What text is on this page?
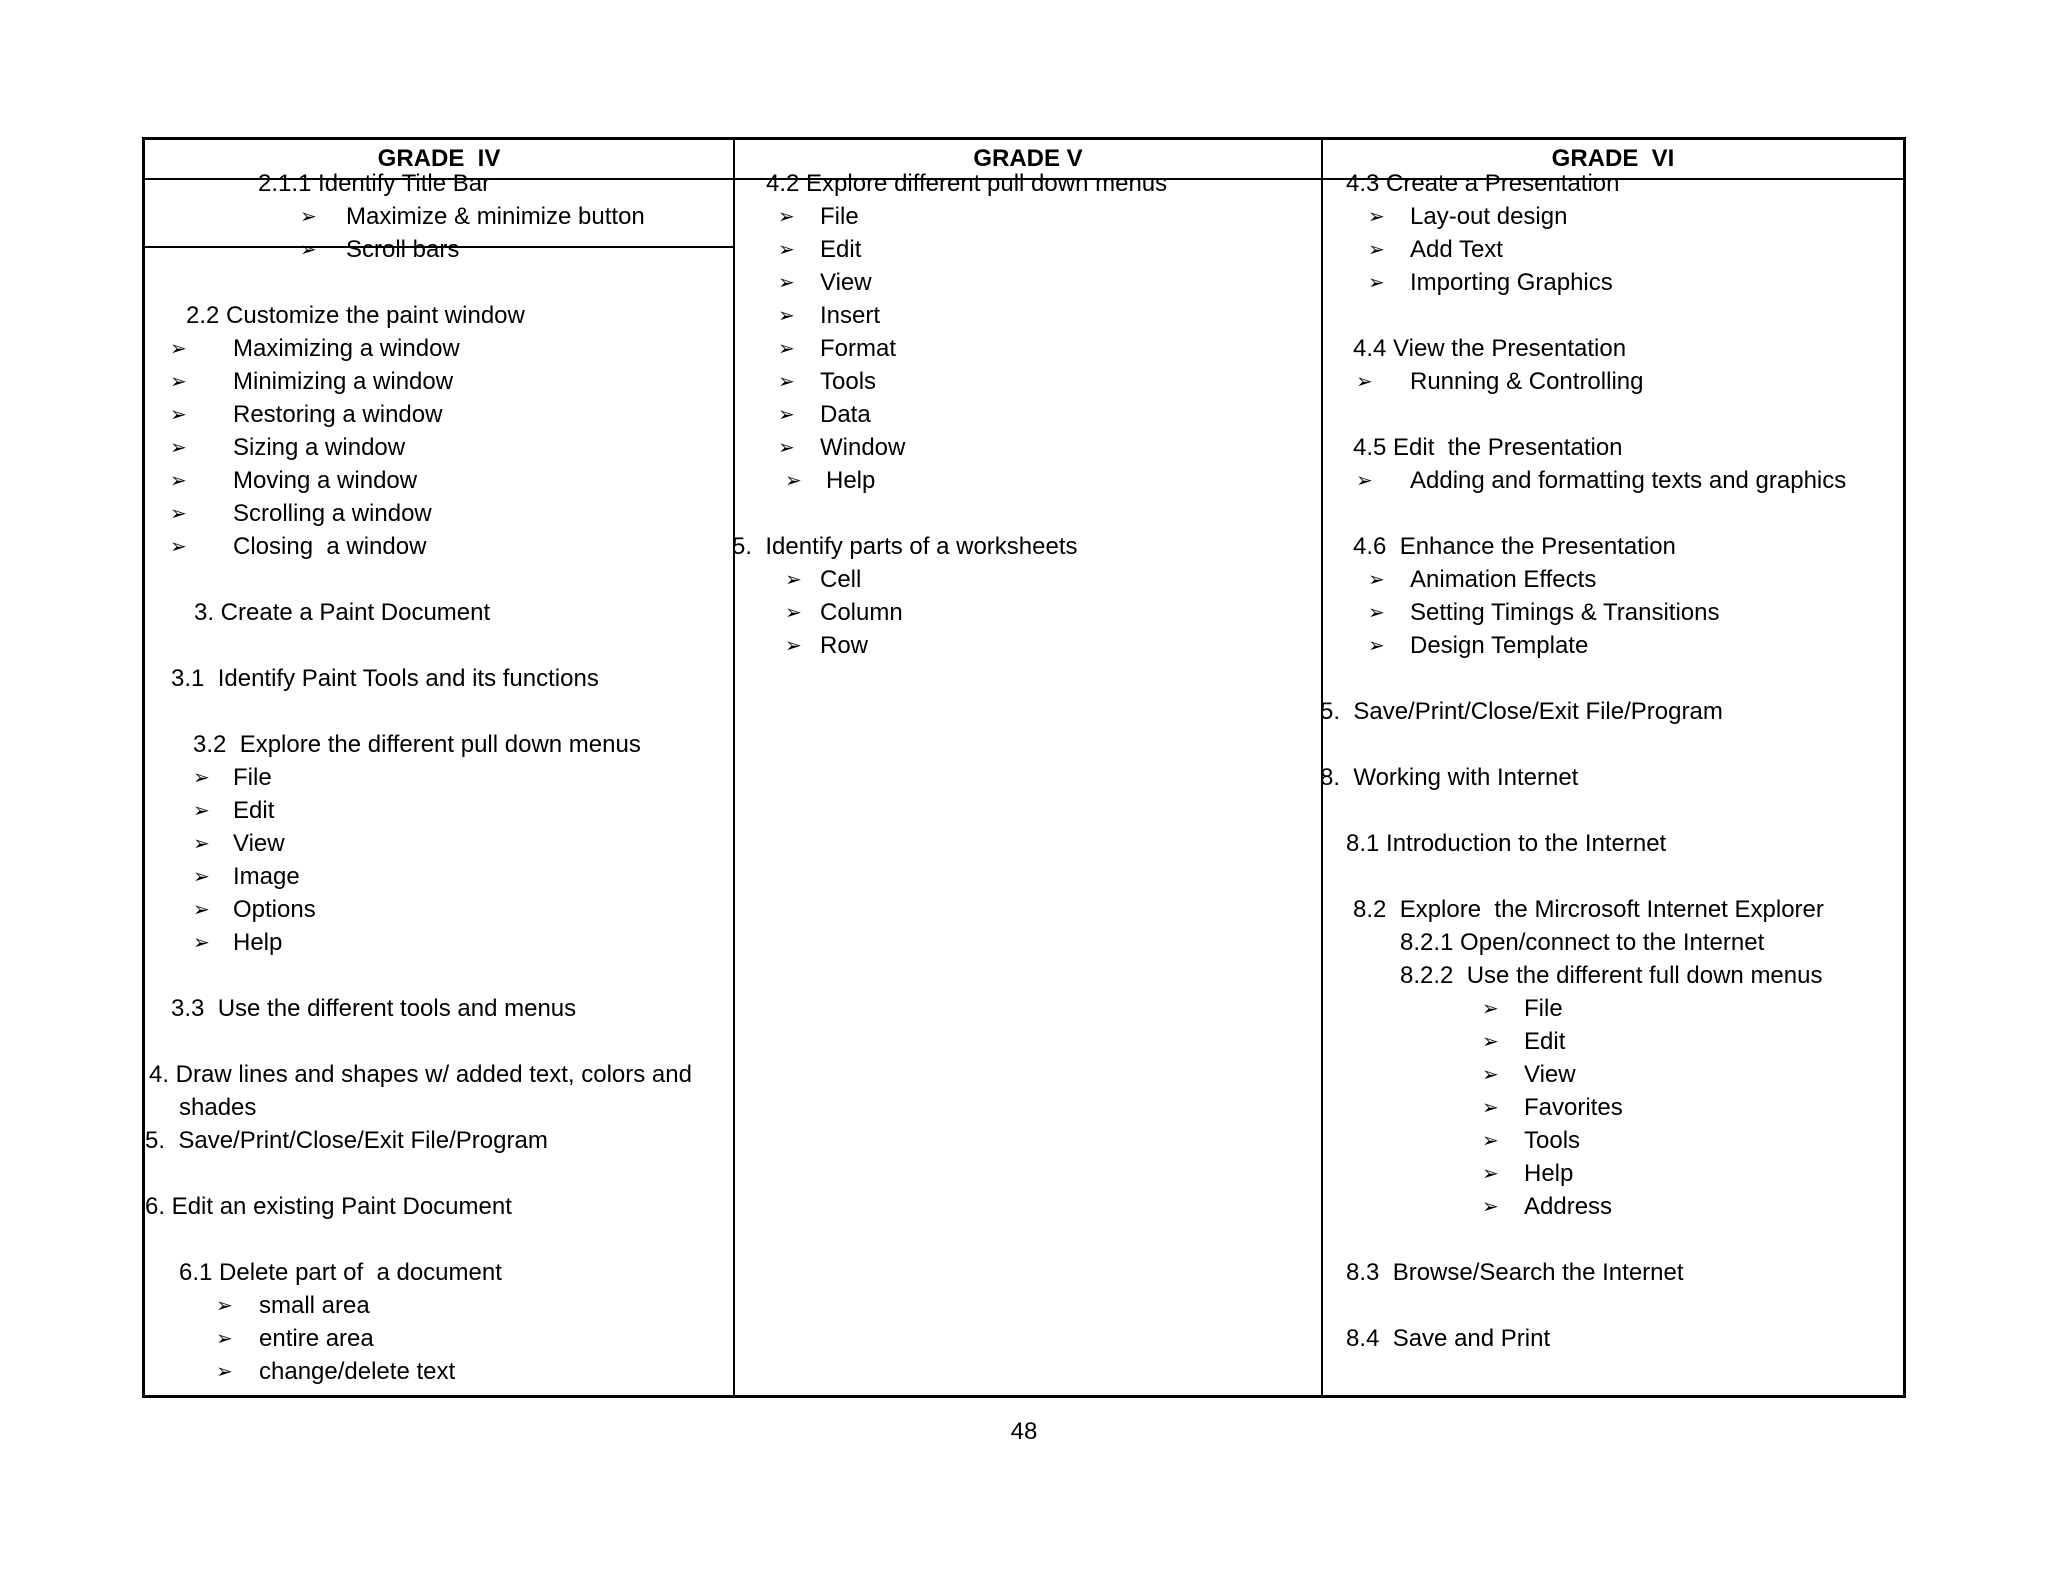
GRADE  IV	GRADE V	GRADE  VI
2.1.1 Identify Title Bar
➢ Maximize & minimize button
➢ Scroll bars
2.2 Customize the paint window
➢ Maximizing a window
➢ Minimizing a window
➢ Restoring a window
➢ Sizing a window
➢ Moving a window
➢ Scrolling a window
➢ Closing  a window
3. Create a Paint Document
3.1  Identify Paint Tools and its functions
3.2  Explore the different pull down menus
➢ File
➢ Edit
➢ View
➢ Image
➢ Options
➢ Help
3.3  Use the different tools and menus
4. Draw lines and shapes w/ added text, colors and
shades
5.  Save/Print/Close/Exit File/Program
6. Edit an existing Paint Document
6.1 Delete part of  a document
➢ small area
➢ entire area
➢ change/delete text
4.2 Explore different pull down menus
➢ File
➢ Edit
➢ View
➢ Insert
➢ Format
➢ Tools
➢ Data
➢ Window
➢ Help
5.  Identify parts of a worksheets
➢ Cell
➢ Column
➢ Row
4.3 Create a Presentation
➢ Lay-out design
➢ Add Text
➢ Importing Graphics
4.4 View the Presentation
➢ Running & Controlling
4.5 Edit  the Presentation
➢ Adding and formatting texts and graphics
4.6  Enhance the Presentation
➢ Animation Effects
➢ Setting Timings & Transitions
➢ Design Template
5.  Save/Print/Close/Exit File/Program
8.  Working with Internet
8.1 Introduction to the Internet
8.2  Explore  the Mircrosoft Internet Explorer
8.2.1 Open/connect to the Internet
8.2.2  Use the different full down menus
➢ File
➢ Edit
➢ View
➢ Favorites
➢ Tools
➢ Help
➢ Address
8.3  Browse/Search the Internet
8.4  Save and Print
48
